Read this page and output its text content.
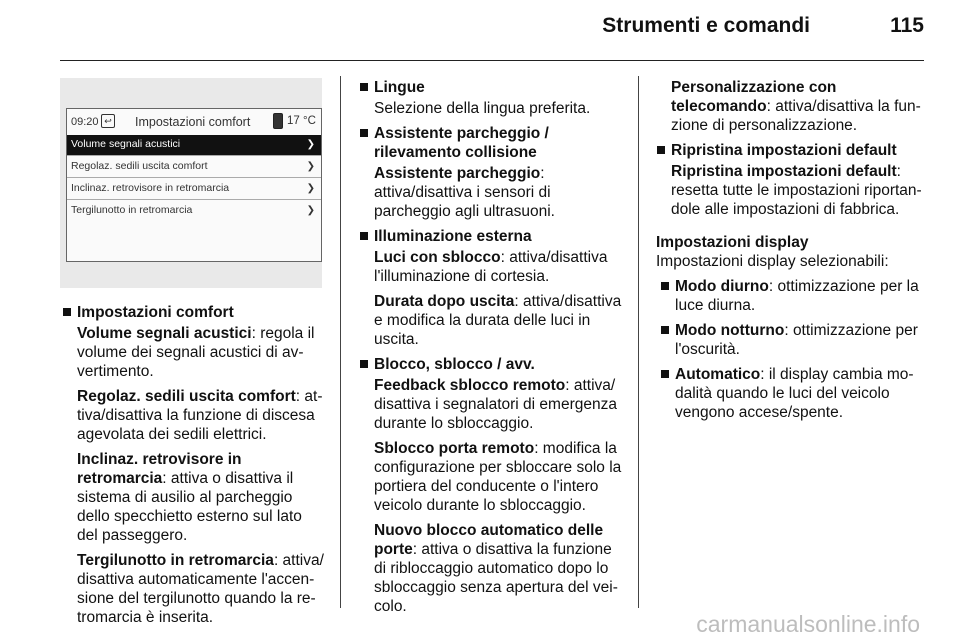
Strumenti e comandi	115
09:20 ↩ Impostazioni comfort	17 °C
Volume segnali acustici	❯
Regolaz. sedili uscita comfort	❯
Inclinaz. retrovisore in retromarcia	❯
Tergilunotto in retromarcia	❯
Impostazioni comfort

Volume segnali acustici: regola il volume dei segnali acustici di avvertimento.

Regolaz. sedili uscita comfort: attiva/disattiva la funzione di discesa agevolata dei sedili elettrici.

Inclinaz. retrovisore in retromarcia: attiva o disattiva il sistema di ausilio al parcheggio dello specchietto esterno sul lato del passeggero.

Tergilunotto in retromarcia: attiva/ disattiva automaticamente l'accensione del tergilunotto quando la retromarcia è inserita.

Lingue

Selezione della lingua preferita.

Assistente parcheggio / rilevamento collisione

Assistente parcheggio: attiva/disattiva i sensori di parcheggio agli ultrasuoni.

Illuminazione esterna

Luci con sblocco: attiva/disattiva l'illuminazione di cortesia.

Durata dopo uscita: attiva/disattiva e modifica la durata delle luci in uscita.

Blocco, sblocco / avv.

Feedback sblocco remoto: attiva/ disattiva i segnalatori di emergenza durante lo sbloccaggio.

Sblocco porta remoto: modifica la configurazione per sbloccare solo la portiera del conducente o l'intero veicolo durante lo sbloccaggio.

Nuovo blocco automatico delle porte: attiva o disattiva la funzione di ribloccaggio automatico dopo lo sbloccaggio senza apertura del veicolo.

Personalizzazione con telecomando: attiva/disattiva la funzione di personalizzazione.

Ripristina impostazioni default

Ripristina impostazioni default: resetta tutte le impostazioni riportandole alle impostazioni di fabbrica.

Impostazioni display

Impostazioni display selezionabili:

Modo diurno: ottimizzazione per la luce diurna.
Modo notturno: ottimizzazione per l'oscurità.
Automatico: il display cambia modalità quando le luci del veicolo vengono accese/spente.
carmanualsonline.info
